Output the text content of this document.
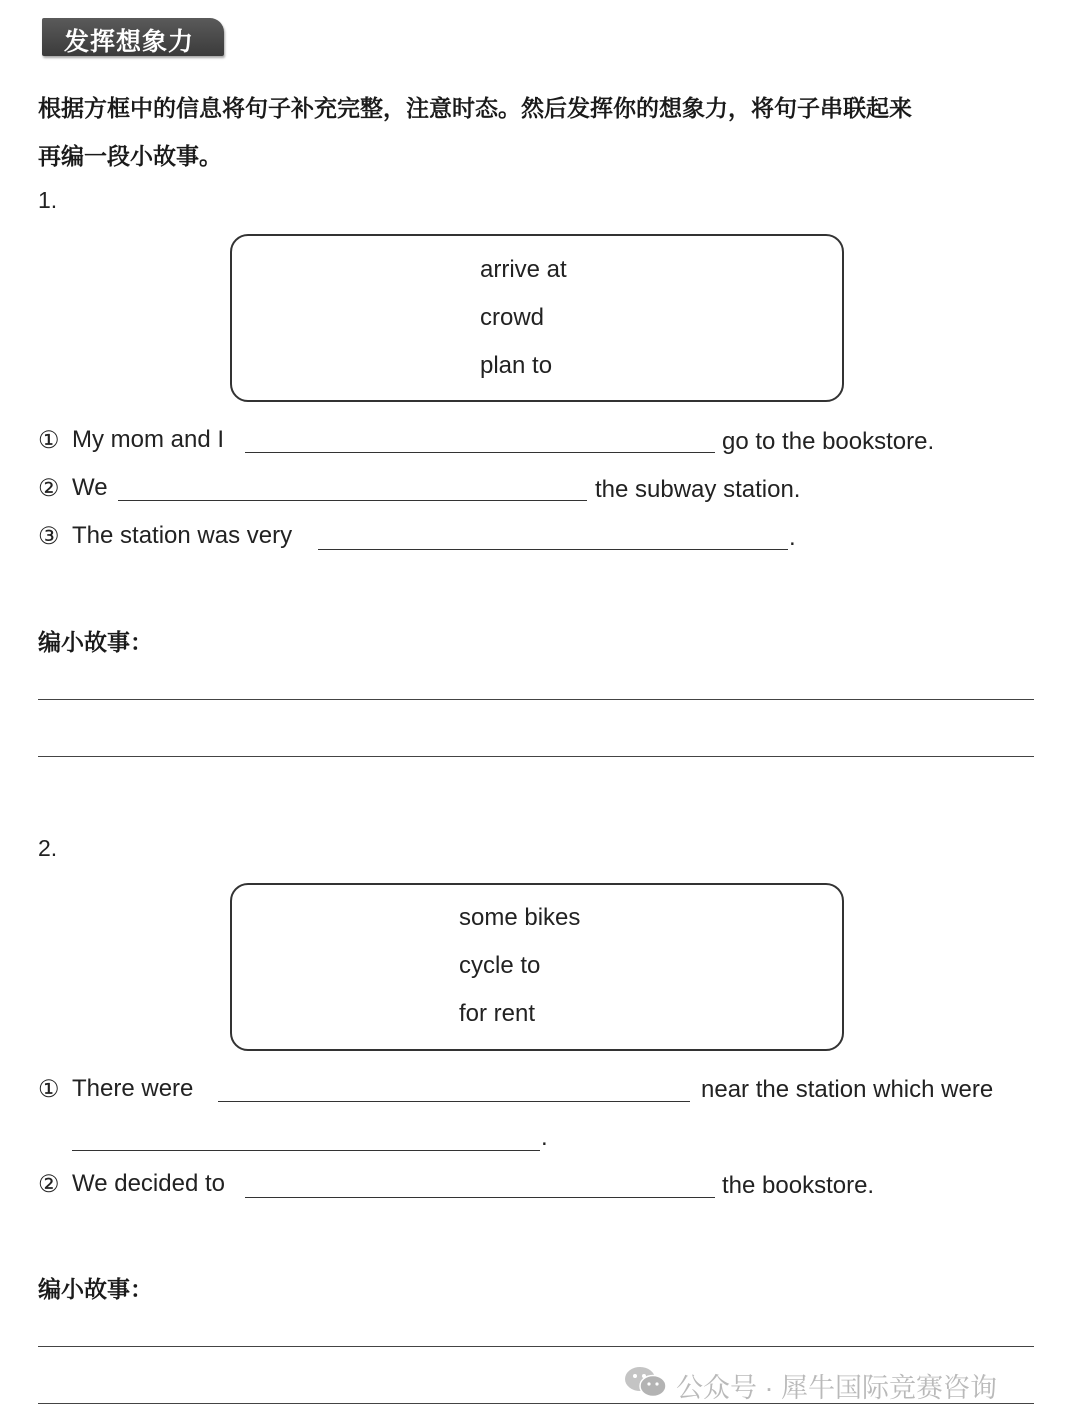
发挥想象力
根据方框中的信息将句子补充完整，注意时态。然后发挥你的想象力，将句子串联起来
再编一段小故事。
1.
arrive at
crowd
plan to
① My mom and I	go to the bookstore.
② We	the subway station.
③ The station was very	.
编小故事：
2.
some bikes
cycle to
for rent
① There were	near the station which were
.
② We decided to	the bookstore.
编小故事：
公众号 · 犀牛国际竞赛咨询
